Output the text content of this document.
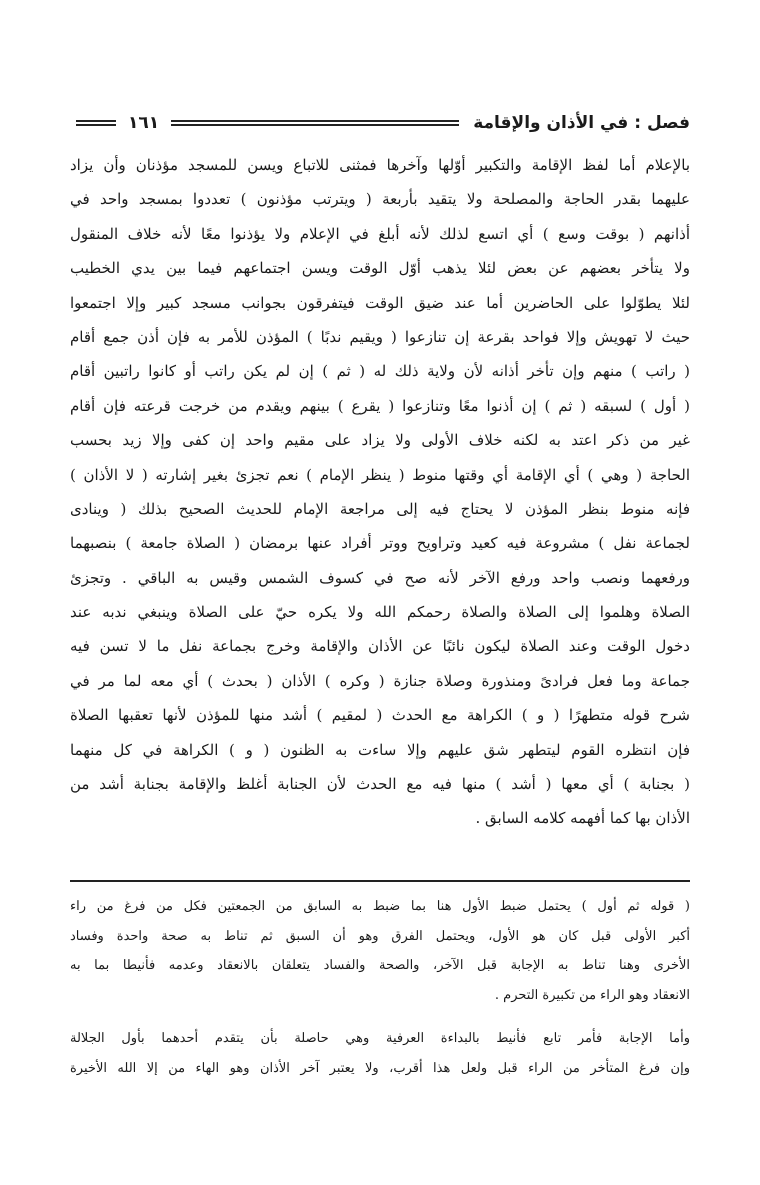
فصل : في الأذان والإقامة
١٦١
بالإعلام أما لفظ الإقامة والتكبير أوّلها وآخرها فمثنى للاتباع ويسن للمسجد مؤذنان وأن يزاد
عليهما بقدر الحاجة والمصلحة ولا يتقيد بأربعة ( ويترتب مؤذنون ) تعددوا بمسجد واحد في
أذانهم ( بوقت وسع ) أي اتسع لذلك لأنه أبلغ في الإعلام ولا يؤذنوا معًا لأنه خلاف المنقول
ولا يتأخر بعضهم عن بعض لئلا يذهب أوّل الوقت ويسن اجتماعهم فيما بين يدي الخطيب
لئلا يطوّلوا على الحاضرين أما عند ضيق الوقت فيتفرقون بجوانب مسجد كبير وإلا اجتمعوا
حيث لا تهويش وإلا فواحد بقرعة إن تنازعوا ( ويقيم ندبًا ) المؤذن للأمر به فإن أذن جمع أقام
( راتب ) منهم وإن تأخر أذانه لأن ولاية ذلك له ( ثم ) إن لم يكن راتب أو كانوا راتبين أقام
( أول ) لسبقه ( ثم ) إن أذنوا معًا وتنازعوا ( يقرع ) بينهم ويقدم من خرجت قرعته فإن أقام
غير من ذكر اعتد به لكنه خلاف الأولى ولا يزاد على مقيم واحد إن كفى وإلا زيد بحسب
الحاجة ( وهي ) أي الإقامة أي وقتها منوط ( ينظر الإمام ) نعم تجزئ بغير إشارته ( لا الأذان )
فإنه منوط بنظر المؤذن لا يحتاج فيه إلى مراجعة الإمام للحديث الصحيح بذلك ( وينادى
لجماعة نفل ) مشروعة فيه كعيد وتراويح ووتر أفراد عنها برمضان ( الصلاة جامعة ) بنصبهما
ورفعهما ونصب واحد ورفع الآخر لأنه صح في كسوف الشمس وقيس به الباقي . وتجزئ
الصلاة وهلموا إلى الصلاة والصلاة رحمكم الله ولا يكره حيّ على الصلاة وينبغي ندبه عند
دخول الوقت وعند الصلاة ليكون نائبًا عن الأذان والإقامة وخرج بجماعة نفل ما لا تسن فيه
جماعة وما فعل فرادىً ومنذورة وصلاة جنازة ( وكره ) الأذان ( بحدث ) أي معه لما مر في
شرح قوله متطهرًا ( و ) الكراهة مع الحدث ( لمقيم ) أشد منها للمؤذن لأنها تعقبها الصلاة
فإن انتظره القوم ليتطهر شق عليهم وإلا ساءت به الظنون ( و ) الكراهة في كل منهما
( بجنابة ) أي معها ( أشد ) منها فيه مع الحدث لأن الجنابة أغلظ والإقامة بجنابة أشد من
الأذان بها كما أفهمه كلامه السابق .
( قوله ثم أول ) يحتمل ضبط الأول هنا بما ضبط به السابق من الجمعتين فكل من فرغ من راء
أكبر الأولى قبل كان هو الأول، ويحتمل الفرق وهو أن السبق ثم تناط به صحة واحدة وفساد
الأخرى وهنا تناط به الإجابة قبل الآخر، والصحة والفساد يتعلقان بالانعقاد وعدمه فأنيطا بما به
الانعقاد وهو الراء من تكبيرة التحرم .
وأما الإجابة فأمر تابع فأنيط بالبداءة العرفية وهي حاصلة بأن يتقدم أحدهما بأول الجلالة
وإن فرغ المتأخر من الراء قبل ولعل هذا أقرب، ولا يعتبر آخر الأذان وهو الهاء من إلا الله الأخيرة
